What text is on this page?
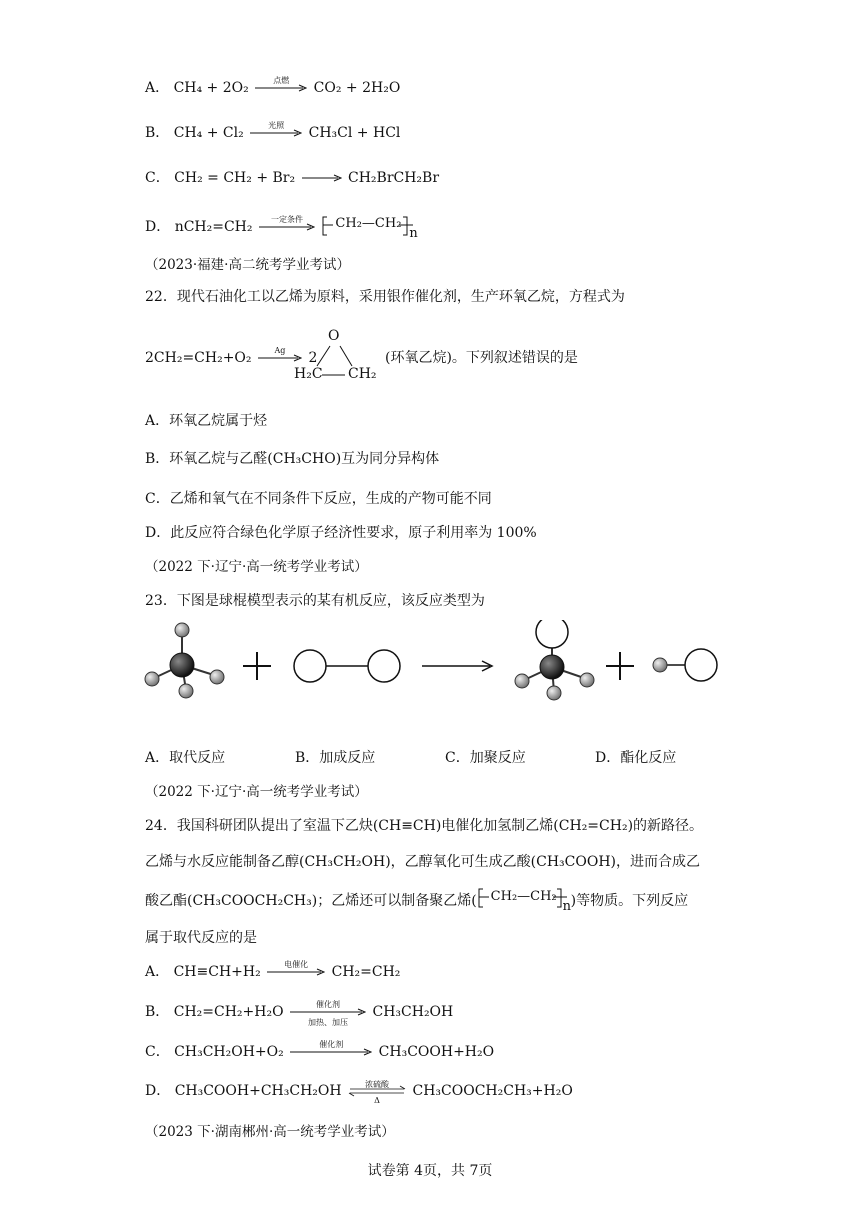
A． CH₄ + 2O₂	点燃	CO₂ + 2H₂O
B． CH₄ + Cl₂	光照	CH₃Cl + HCl
C． CH₂ = CH₂ + Br₂ → CH₂BrCH₂Br
D． nCH₂=CH₂	一定条件
	CH₂—CH₂
n
（2023·福建·高二统考学业考试）
22．现代石油化工以乙烯为原料，采用银作催化剂，生产环氧乙烷，方程式为
2CH₂=CH₂+O₂	Ag	2
O
H₂C CH₂
(环氧乙烷)。下列叙述错误的是
A．环氧乙烷属于烃
B．环氧乙烷与乙醛(CH₃CHO)互为同分异构体
C．乙烯和氧气在不同条件下反应，生成的产物可能不同
D．此反应符合绿色化学原子经济性要求，原子利用率为 100%
（2022 下·辽宁·高一统考学业考试）
23．下图是球棍模型表示的某有机反应，该反应类型为
A．取代反应	B．加成反应	C．加聚反应	D．酯化反应
（2022 下·辽宁·高一统考学业考试）
24．我国科研团队提出了室温下乙炔(CH≡CH)电催化加氢制乙烯(CH₂=CH₂)的新路径。
乙烯与水反应能制备乙醇(CH₃CH₂OH)，乙醇氧化可生成乙酸(CH₃COOH)，进而合成乙
酸乙酯(CH₃COOCH₂CH₃)；乙烯还可以制备聚乙烯( CH₂—CH₂
n )等物质。下列反应
属于取代反应的是
A． CH≡CH+H₂	电催化	CH₂=CH₂
B． CH₂=CH₂+H₂O	催化剂
加热、加压
CH₃CH₂OH
C． CH₃CH₂OH+O₂	催化剂	CH₃COOH+H₂O
D． CH₃COOH+CH₃CH₂OH	浓硫酸
Δ
CH₃COOCH₂CH₃+H₂O
（2023 下·湖南郴州·高一统考学业考试）
试卷第 4页，共 7页
